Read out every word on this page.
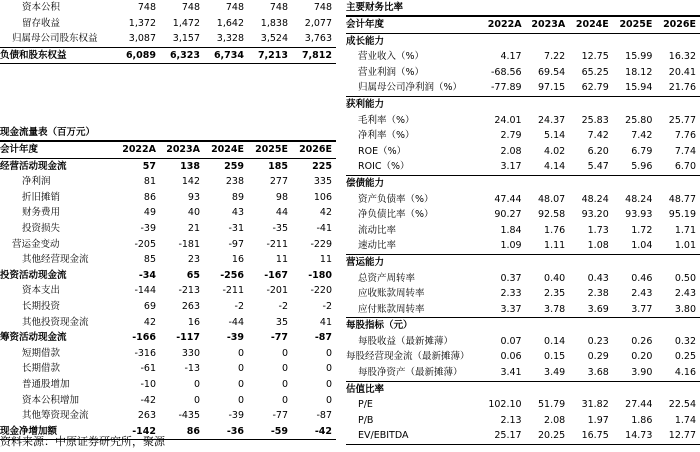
资本公积	748	748	748	748	748
留存收益	1,372	1,472	1,642	1,838	2,077
归属母公司股东权益	3,087	3,157	3,328	3,524	3,763
负债和股东权益	6,089	6,323	6,734	7,213	7,812
现金流量表（百万元）
会计年度	2022A	2023A	2024E	2025E	2026E
经营活动现金流	57	138	259	185	225
净利润	81	142	238	277	335
折旧摊销	86	93	89	98	106
财务费用	49	40	43	44	42
投资损失	-39	21	-31	-35	-41
营运金变动	-205	-181	-97	-211	-229
其他经营现金流	85	23	16	11	11
投资活动现金流	-34	65	-256	-167	-180
资本支出	-144	-213	-211	-201	-220
长期投资	69	263	-2	-2	-2
其他投资现金流	42	16	-44	35	41
筹资活动现金流	-166	-117	-39	-77	-87
短期借款	-316	330	0	0	0
长期借款	-61	-13	0	0	0
普通股增加	-10	0	0	0	0
资本公积增加	-42	0	0	0	0
其他筹资现金流	263	-435	-39	-77	-87
现金净增加额	-142	86	-36	-59	-42
主要财务比率
会计年度	2022A	2023A	2024E	2025E	2026E
成长能力					
营业收入（%）	4.17	7.22	12.75	15.99	16.32
营业利润（%）	-68.56	69.54	65.25	18.12	20.41
归属母公司净利润（%）	-77.89	97.15	62.79	15.94	21.76
获利能力					
毛利率（%）	24.01	24.37	25.83	25.80	25.77
净利率（%）	2.79	5.14	7.42	7.42	7.76
ROE（%）	2.08	4.02	6.20	6.79	7.74
ROIC（%）	3.17	4.14	5.47	5.96	6.70
偿债能力					
资产负债率（%）	47.44	48.07	48.24	48.24	48.77
净负债比率（%）	90.27	92.58	93.20	93.93	95.19
流动比率	1.84	1.76	1.73	1.72	1.71
速动比率	1.09	1.11	1.08	1.04	1.01
营运能力					
总资产周转率	0.37	0.40	0.43	0.46	0.50
应收账款周转率	2.33	2.35	2.38	2.43	2.43
应付账款周转率	3.37	3.78	3.69	3.77	3.80
每股指标（元）					
每股收益（最新摊薄）	0.07	0.14	0.23	0.26	0.32
每股经营现金流（最新摊薄）	0.06	0.15	0.29	0.20	0.25
每股净资产（最新摊薄）	3.41	3.49	3.68	3.90	4.16
估值比率					
P/E	102.10	51.79	31.82	27.44	22.54
P/B	2.13	2.08	1.97	1.86	1.74
EV/EBITDA	25.17	20.25	16.75	14.73	12.77
资料来源：中原证券研究所，聚源
